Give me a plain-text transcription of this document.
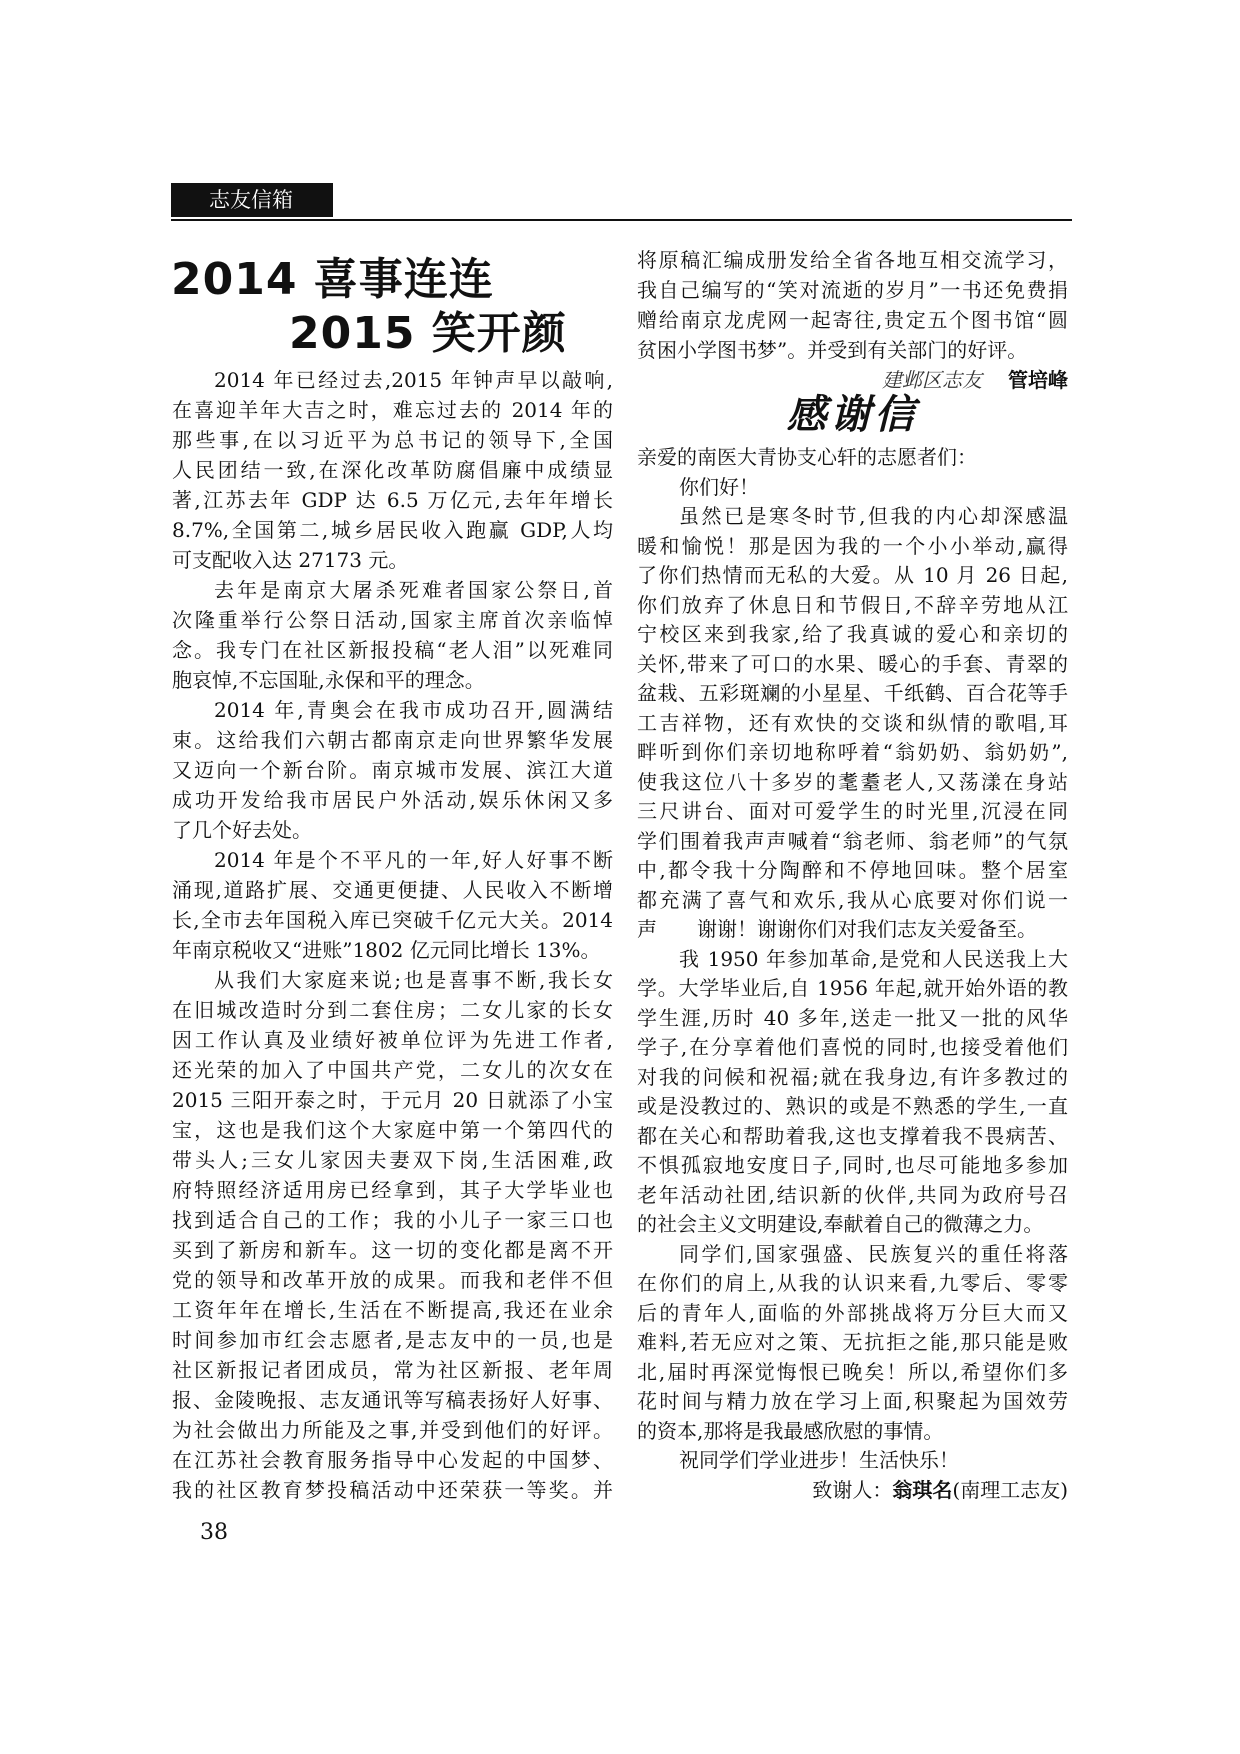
志友信箱
2014 喜事连连
2015 笑开颜
2014 年已经过去,2015 年钟声早以敲响,
在喜迎羊年大吉之时，难忘过去的 2014 年的
那些事,在以习近平为总书记的领导下,全国
人民团结一致,在深化改革防腐倡廉中成绩显
著,江苏去年 GDP 达 6.5 万亿元,去年年增长
8.7%,全国第二,城乡居民收入跑赢 GDP,人均
可支配收入达 27173 元。
去年是南京大屠杀死难者国家公祭日,首
次隆重举行公祭日活动,国家主席首次亲临悼
念。我专门在社区新报投稿“老人泪”以死难同
胞哀悼,不忘国耻,永保和平的理念。
2014 年,青奥会在我市成功召开,圆满结
束。这给我们六朝古都南京走向世界繁华发展
又迈向一个新台阶。南京城市发展、滨江大道
成功开发给我市居民户外活动,娱乐休闲又多
了几个好去处。
2014 年是个不平凡的一年,好人好事不断
涌现,道路扩展、交通更便捷、人民收入不断增
长,全市去年国税入库已突破千亿元大关。2014
年南京税收又“进账”1802 亿元同比增长 13%。
从我们大家庭来说;也是喜事不断,我长女
在旧城改造时分到二套住房；二女儿家的长女
因工作认真及业绩好被单位评为先进工作者,
还光荣的加入了中国共产党，二女儿的次女在
2015 三阳开泰之时，于元月 20 日就添了小宝
宝，这也是我们这个大家庭中第一个第四代的
带头人;三女儿家因夫妻双下岗,生活困难,政
府特照经济适用房已经拿到，其子大学毕业也
找到适合自己的工作；我的小儿子一家三口也
买到了新房和新车。这一切的变化都是离不开
党的领导和改革开放的成果。而我和老伴不但
工资年年在增长,生活在不断提高,我还在业余
时间参加市红会志愿者,是志友中的一员,也是
社区新报记者团成员，常为社区新报、老年周
报、金陵晚报、志友通讯等写稿表扬好人好事、
为社会做出力所能及之事,并受到他们的好评。
在江苏社会教育服务指导中心发起的中国梦、
我的社区教育梦投稿活动中还荣获一等奖。并
将原稿汇编成册发给全省各地互相交流学习，
我自己编写的“笑对流逝的岁月”一书还免费捐
赠给南京龙虎网一起寄往,贵定五个图书馆“圆
贫困小学图书梦”。并受到有关部门的好评。
建邺区志友 管培峰
感谢信
亲爱的南医大青协支心轩的志愿者们：
你们好！
虽然已是寒冬时节,但我的内心却深感温
暖和愉悦！那是因为我的一个小小举动,赢得
了你们热情而无私的大爱。从 10 月 26 日起,
你们放弃了休息日和节假日,不辞辛劳地从江
宁校区来到我家,给了我真诚的爱心和亲切的
关怀,带来了可口的水果、暖心的手套、青翠的
盆栽、五彩斑斓的小星星、千纸鹤、百合花等手
工吉祥物，还有欢快的交谈和纵情的歌唱,耳
畔听到你们亲切地称呼着“翁奶奶、翁奶奶”,
使我这位八十多岁的耄耋老人,又荡漾在身站
三尺讲台、面对可爱学生的时光里,沉浸在同
学们围着我声声喊着“翁老师、翁老师”的气氛
中,都令我十分陶醉和不停地回味。整个居室
都充满了喜气和欢乐,我从心底要对你们说一
声　　谢谢！谢谢你们对我们志友关爱备至。
我 1950 年参加革命,是党和人民送我上大
学。大学毕业后,自 1956 年起,就开始外语的教
学生涯,历时 40 多年,送走一批又一批的风华
学子,在分享着他们喜悦的同时,也接受着他们
对我的问候和祝福;就在我身边,有许多教过的
或是没教过的、熟识的或是不熟悉的学生,一直
都在关心和帮助着我,这也支撑着我不畏病苦、
不惧孤寂地安度日子,同时,也尽可能地多参加
老年活动社团,结识新的伙伴,共同为政府号召
的社会主义文明建设,奉献着自己的微薄之力。
同学们,国家强盛、民族复兴的重任将落
在你们的肩上,从我的认识来看,九零后、零零
后的青年人,面临的外部挑战将万分巨大而又
难料,若无应对之策、无抗拒之能,那只能是败
北,届时再深觉悔恨已晚矣！所以,希望你们多
花时间与精力放在学习上面,积聚起为国效劳
的资本,那将是我最感欣慰的事情。
祝同学们学业进步！生活快乐！
致谢人：翁琪名(南理工志友)
38
